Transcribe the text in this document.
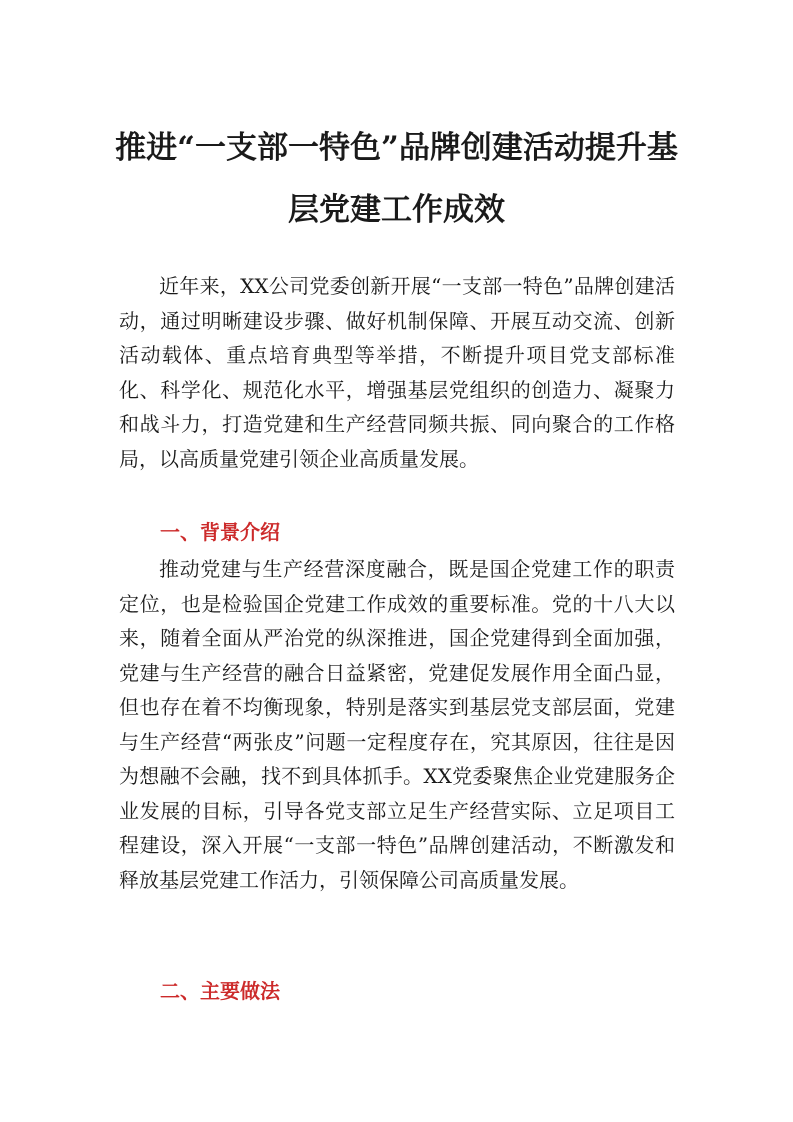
推进“一支部一特色”品牌创建活动提升基
层党建工作成效

近年来，XX公司党委创新开展“一支部一特色”品牌创建活动，通过明晰建设步骤、做好机制保障、开展互动交流、创新活动载体、重点培育典型等举措，不断提升项目党支部标准化、科学化、规范化水平，增强基层党组织的创造力、凝聚力和战斗力，打造党建和生产经营同频共振、同向聚合的工作格局，以高质量党建引领企业高质量发展。

一、背景介绍

推动党建与生产经营深度融合，既是国企党建工作的职责定位，也是检验国企党建工作成效的重要标准。党的十八大以来，随着全面从严治党的纵深推进，国企党建得到全面加强，党建与生产经营的融合日益紧密，党建促发展作用全面凸显，但也存在着不均衡现象，特别是落实到基层党支部层面，党建与生产经营“两张皮”问题一定程度存在，究其原因，往往是因为想融不会融，找不到具体抓手。XX党委聚焦企业党建服务企业发展的目标，引导各党支部立足生产经营实际、立足项目工程建设，深入开展“一支部一特色”品牌创建活动，不断激发和释放基层党建工作活力，引领保障公司高质量发展。

二、主要做法
